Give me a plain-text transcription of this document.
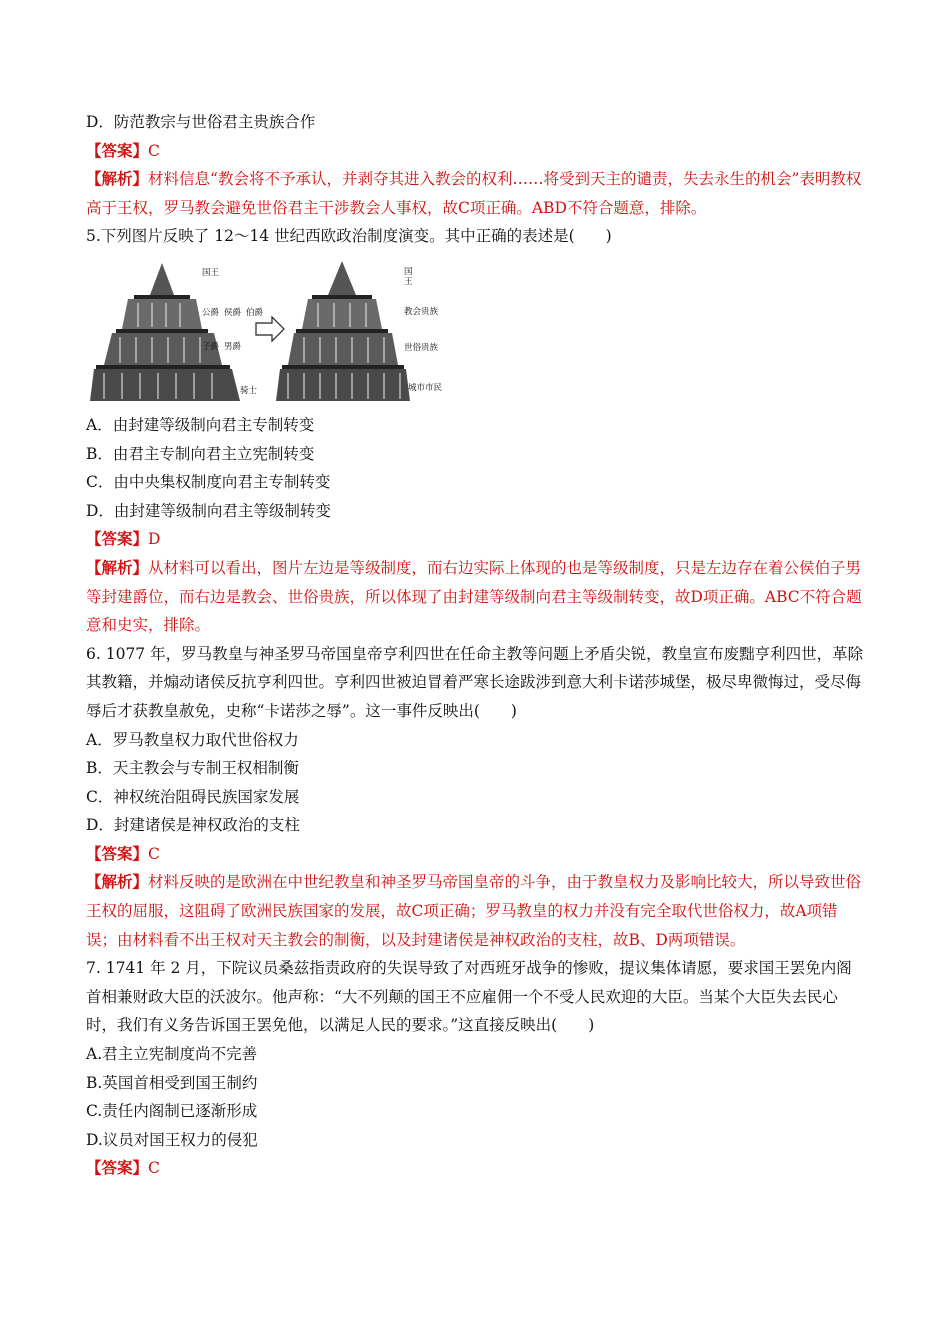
D．防范教宗与世俗君主贵族合作
【答案】C
【解析】材料信息“教会将不予承认，并剥夺其进入教会的权利……将受到天主的谴责，失去永生的机会”表明教权高于王权，罗马教会避免世俗君主干涉教会人事权，故C项正确。ABD不符合题意，排除。
5.下列图片反映了 12～14 世纪西欧政治制度演变。其中正确的表述是(　　)
国王
公爵 侯爵 伯爵
子爵 男爵
骑士
国王
教会贵族
世俗贵族
城市市民
A．由封建等级制向君主专制转变
B．由君主专制向君主立宪制转变
C．由中央集权制度向君主专制转变
D．由封建等级制向君主等级制转变
【答案】D
【解析】从材料可以看出，图片左边是等级制度，而右边实际上体现的也是等级制度，只是左边存在着公侯伯子男等封建爵位，而右边是教会、世俗贵族，所以体现了由封建等级制向君主等级制转变，故D项正确。ABC不符合题意和史实，排除。
6. 1077 年，罗马教皇与神圣罗马帝国皇帝亨利四世在任命主教等问题上矛盾尖锐，教皇宣布废黜亨利四世，革除其教籍，并煽动诸侯反抗亨利四世。亨利四世被迫冒着严寒长途跋涉到意大利卡诺莎城堡，极尽卑微悔过，受尽侮辱后才获教皇赦免，史称“卡诺莎之辱”。这一事件反映出(　　)
A．罗马教皇权力取代世俗权力
B．天主教会与专制王权相制衡
C．神权统治阻碍民族国家发展
D．封建诸侯是神权政治的支柱
【答案】C
【解析】材料反映的是欧洲在中世纪教皇和神圣罗马帝国皇帝的斗争，由于教皇权力及影响比较大，所以导致世俗王权的屈服，这阻碍了欧洲民族国家的发展，故C项正确；罗马教皇的权力并没有完全取代世俗权力，故A项错误；由材料看不出王权对天主教会的制衡，以及封建诸侯是神权政治的支柱，故B、D两项错误。
7. 1741 年 2 月，下院议员桑兹指责政府的失误导致了对西班牙战争的惨败，提议集体请愿，要求国王罢免内阁首相兼财政大臣的沃波尔。他声称：“大不列颠的国王不应雇佣一个不受人民欢迎的大臣。当某个大臣失去民心时，我们有义务告诉国王罢免他，以满足人民的要求。”这直接反映出(　　)
A.君主立宪制度尚不完善
B.英国首相受到国王制约
C.责任内阁制已逐渐形成
D.议员对国王权力的侵犯
【答案】C
